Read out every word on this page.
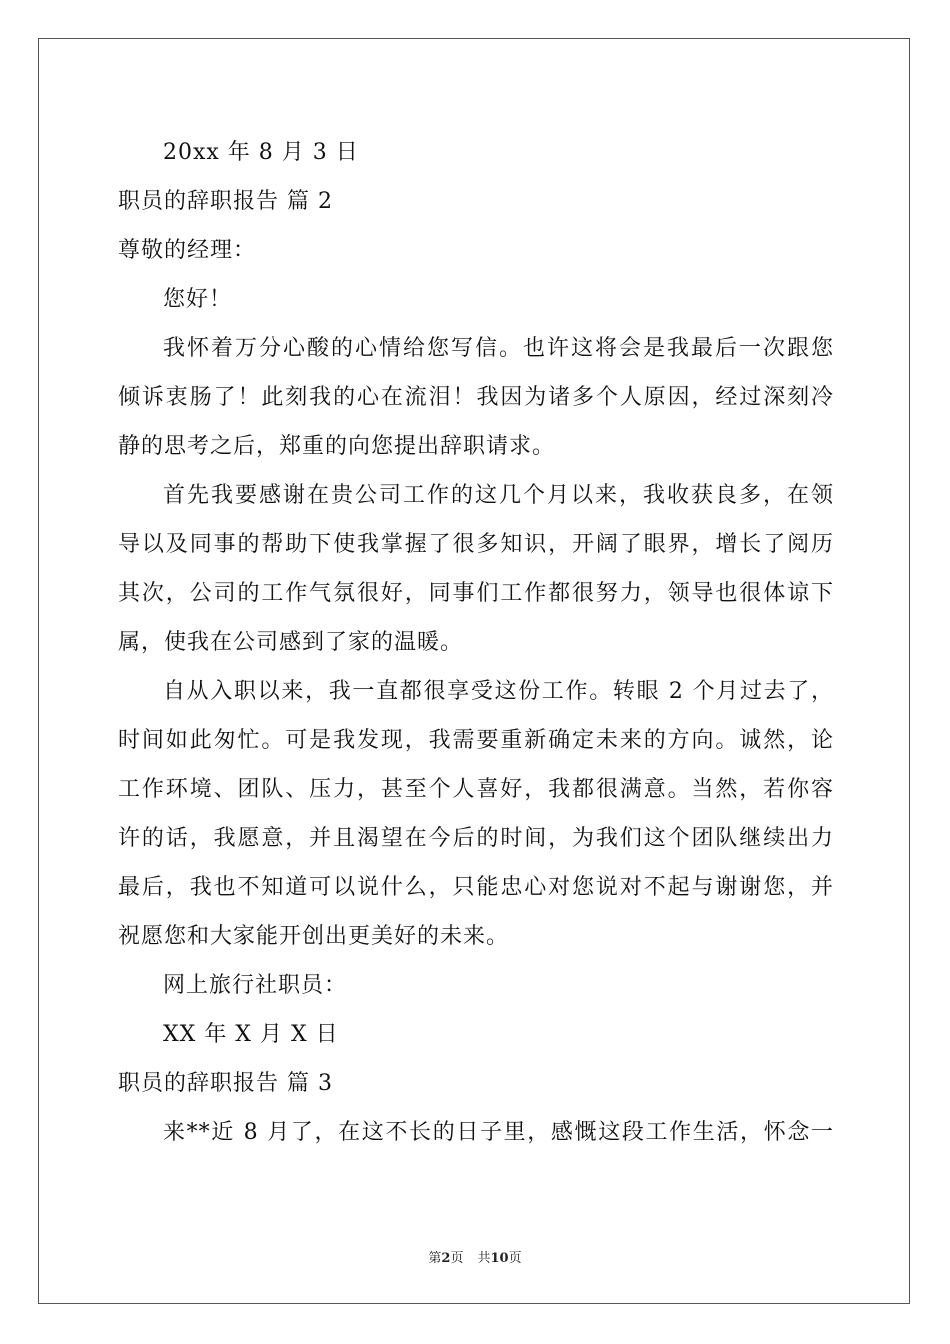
20xx 年 8 月 3 日
职员的辞职报告 篇 2
尊敬的经理：
您好！
我怀着万分心酸的心情给您写信。也许这将会是我最后一次跟您
倾诉衷肠了！此刻我的心在流泪！我因为诸多个人原因，经过深刻冷
静的思考之后，郑重的向您提出辞职请求。
首先我要感谢在贵公司工作的这几个月以来，我收获良多，在领
导以及同事的帮助下使我掌握了很多知识，开阔了眼界，增长了阅历
其次，公司的工作气氛很好，同事们工作都很努力，领导也很体谅下
属，使我在公司感到了家的温暖。
自从入职以来，我一直都很享受这份工作。转眼 2 个月过去了，
时间如此匆忙。可是我发现，我需要重新确定未来的方向。诚然，论
工作环境、团队、压力，甚至个人喜好，我都很满意。当然，若你容
许的话，我愿意，并且渴望在今后的时间，为我们这个团队继续出力
最后，我也不知道可以说什么，只能忠心对您说对不起与谢谢您，并
祝愿您和大家能开创出更美好的未来。
网上旅行社职员：
XX 年 X 月 X 日
职员的辞职报告 篇 3
来**近 8 月了，在这不长的日子里，感慨这段工作生活，怀念一
第2页 共10页
